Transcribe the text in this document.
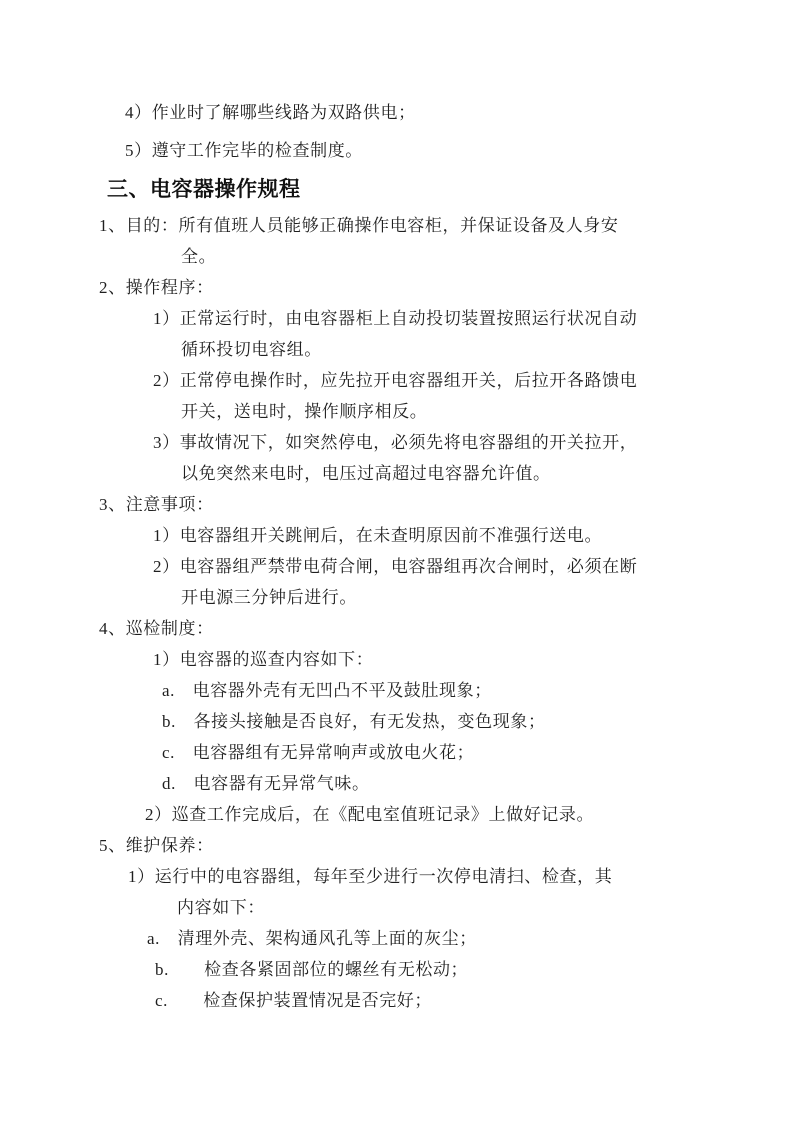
4）作业时了解哪些线路为双路供电；
5）遵守工作完毕的检查制度。
三、电容器操作规程
1、目的：所有值班人员能够正确操作电容柜，并保证设备及人身安
全。
2、操作程序：
1）正常运行时，由电容器柜上自动投切装置按照运行状况自动
循环投切电容组。
2）正常停电操作时，应先拉开电容器组开关，后拉开各路馈电
开关，送电时，操作顺序相反。
3）事故情况下，如突然停电，必须先将电容器组的开关拉开，
以免突然来电时，电压过高超过电容器允许值。
3、注意事项：
1）电容器组开关跳闸后，在未查明原因前不准强行送电。
2）电容器组严禁带电荷合闸，电容器组再次合闸时，必须在断
开电源三分钟后进行。
4、巡检制度：
1）电容器的巡查内容如下：
a.　电容器外壳有无凹凸不平及鼓肚现象；
b.　各接头接触是否良好，有无发热，变色现象；
c.　电容器组有无异常响声或放电火花；
d.　电容器有无异常气味。
2）巡查工作完成后，在《配电室值班记录》上做好记录。
5、维护保养：
1）运行中的电容器组，每年至少进行一次停电清扫、检查，其
内容如下：
a.　清理外壳、架构通风孔等上面的灰尘；
b.　　检查各紧固部位的螺丝有无松动；
c.　　检查保护装置情况是否完好；
